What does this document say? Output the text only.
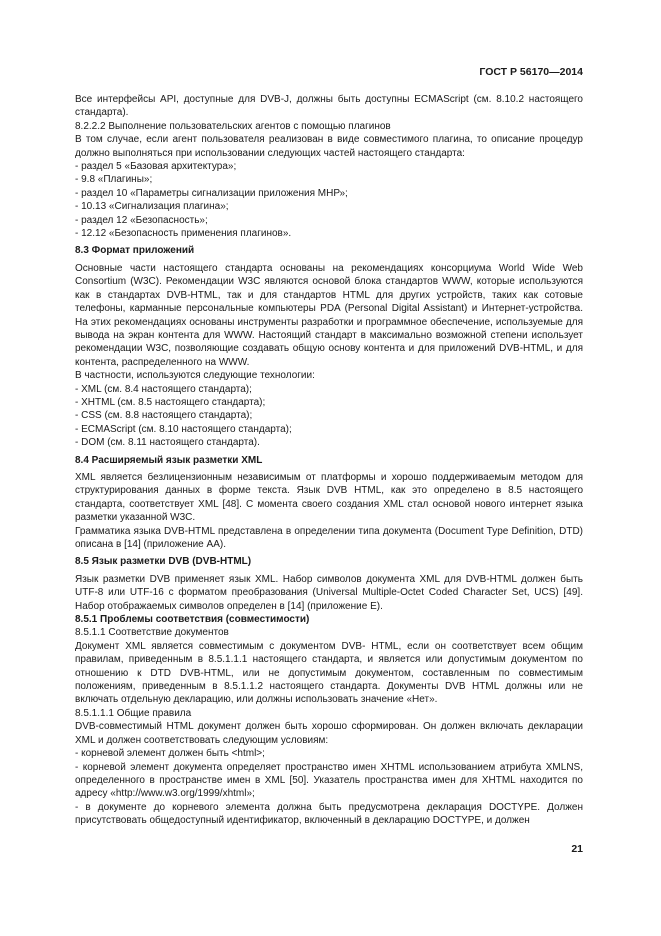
ГОСТ Р 56170—2014
Все интерфейсы API, доступные для DVB-J, должны быть доступны ECMAScript (см. 8.10.2 настоящего стандарта).
8.2.2.2 Выполнение пользовательских агентов с помощью плагинов
В том случае, если агент пользователя реализован в виде совместимого плагина, то описание процедур должно выполняться при использовании следующих частей настоящего стандарта:
- раздел 5 «Базовая архитектура»;
- 9.8 «Плагины»;
- раздел 10 «Параметры сигнализации приложения МНР»;
- 10.13 «Сигнализация плагина»;
- раздел 12 «Безопасность»;
- 12.12 «Безопасность применения плагинов».
8.3 Формат приложений
Основные части настоящего стандарта основаны на рекомендациях консорциума World Wide Web Consortium (W3C). Рекомендации W3C являются основой блока стандартов WWW, которые используются как в стандартах DVB-HTML, так и для стандартов HTML для других устройств, таких как сотовые телефоны, карманные персональные компьютеры PDA (Personal Digital Assistant) и Интернет-устройства. На этих рекомендациях основаны инструменты разработки и программное обеспечение, используемые для вывода на экран контента для WWW. Настоящий стандарт в максимально возможной степени использует рекомендации W3C, позволяющие создавать общую основу контента и для приложений DVB-HTML, и для контента, распределенного на WWW.
В частности, используются следующие технологии:
- XML (см. 8.4 настоящего стандарта);
- XHTML (см. 8.5 настоящего стандарта);
- CSS (см. 8.8 настоящего стандарта);
- ECMAScript (см. 8.10 настоящего стандарта);
- DOM (см. 8.11 настоящего стандарта).
8.4 Расширяемый язык разметки XML
XML является безлицензионным независимым от платформы и хорошо поддерживаемым методом для структурирования данных в форме текста. Язык DVB HTML, как это определено в 8.5 настоящего стандарта, соответствует XML [48]. С момента своего создания XML стал основой нового интернет языка разметки указанной W3C.
Грамматика языка DVB-HTML представлена в определении типа документа (Document Type Definition, DTD) описана в [14] (приложение АА).
8.5 Язык разметки DVB (DVB-HTML)
Язык разметки DVB применяет язык XML. Набор символов документа XML для DVB-HTML должен быть UTF-8 или UTF-16 с форматом преобразования (Universal Multiple-Octet Coded Character Set, UCS) [49]. Набор отображаемых символов определен в [14] (приложение Е).
8.5.1 Проблемы соответствия (совместимости)
8.5.1.1 Соответствие документов
Документ XML является совместимым с документом DVB- HTML, если он соответствует всем общим правилам, приведенным в 8.5.1.1.1 настоящего стандарта, и является или допустимым документом по отношению к DTD DVB-HTML, или не допустимым документом, составленным по совместимым положениям, приведенным в 8.5.1.1.2 настоящего стандарта. Документы DVB HTML должны или не включать отдельную декларацию, или должны использовать значение «Нет».
8.5.1.1.1 Общие правила
DVB-совместимый HTML документ должен быть хорошо сформирован. Он должен включать декларации XML и должен соответствовать следующим условиям:
- корневой элемент должен быть <html>;
- корневой элемент документа определяет пространство имен XHTML использованием атрибута XMLNS, определенного в пространстве имен в XML [50]. Указатель пространства имен для XHTML находится по адресу «http://www.w3.org/1999/xhtml»;
- в документе до корневого элемента должна быть предусмотрена декларация DOCTYPE. Должен присутствовать общедоступный идентификатор, включенный в декларацию DOCTYPE, и должен
21
